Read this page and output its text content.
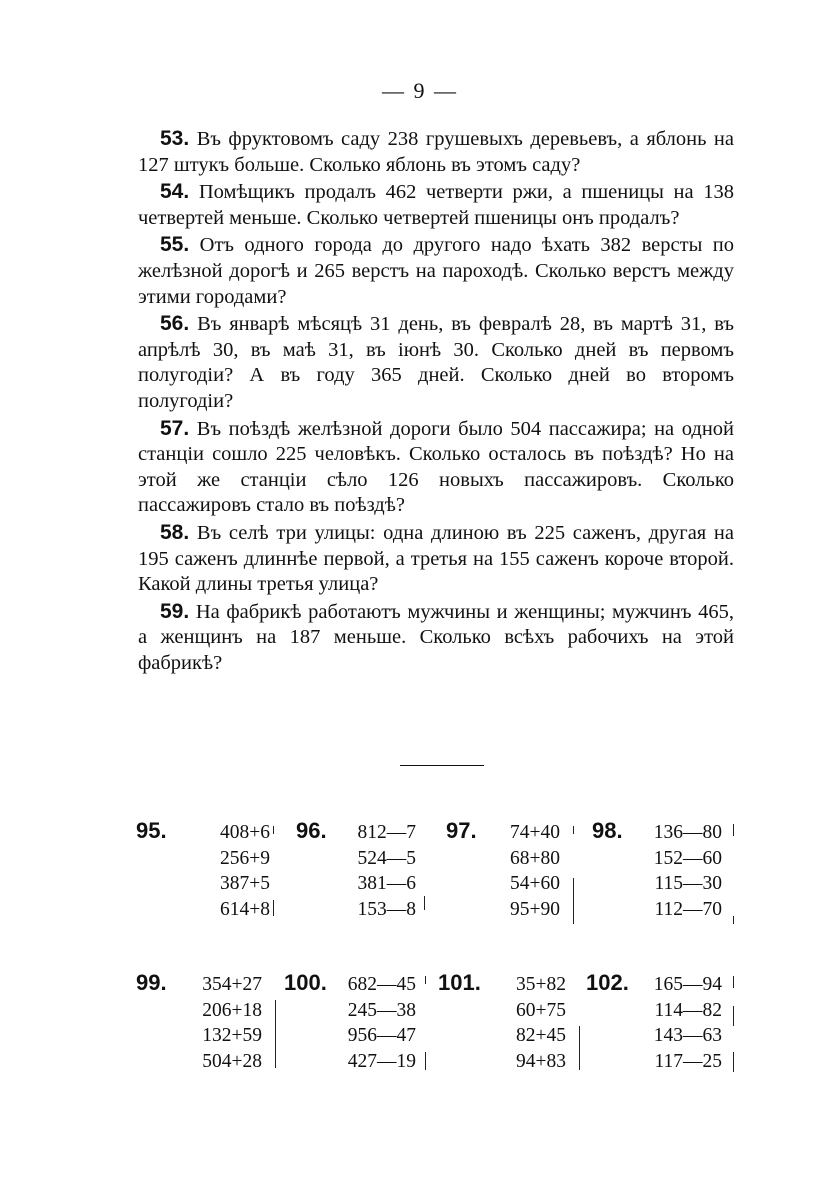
— 9 —

53. Въ фруктовомъ саду 238 грушевыхъ деревьевъ, а яблонь на 127 штукъ больше. Сколько яблонь въ этомъ саду?

54. Помѣщикъ продалъ 462 четверти ржи, а пшеницы на 138 четвертей меньше. Сколько четвертей пшеницы онъ продалъ?

55. Отъ одного города до другого надо ѣхать 382 версты по желѣзной дорогѣ и 265 верстъ на пароходѣ. Сколько верстъ между этими городами?

56. Въ январѣ мѣсяцѣ 31 день, въ февралѣ 28, въ мартѣ 31, въ апрѣлѣ 30, въ маѣ 31, въ іюнѣ 30. Сколько дней въ первомъ полугодіи? А въ году 365 дней. Сколько дней во второмъ полугодіи?

57. Въ поѣздѣ желѣзной дороги было 504 пассажира; на одной станціи сошло 225 человѣкъ. Сколько осталось въ поѣздѣ? Но на этой же станціи сѣло 126 новыхъ пассажировъ. Сколько пассажировъ стало въ поѣздѣ?

58. Въ селѣ три улицы: одна длиною въ 225 саженъ, другая на 195 саженъ длиннѣе первой, а третья на 155 саженъ короче второй. Какой длины третья улица?

59. На фабрикѣ работаютъ мужчины и женщины; мужчинъ 465, а женщинъ на 187 меньше. Сколько всѣхъ рабочихъ на этой фабрикѣ?

95.	408+6
256+9
387+5
614+8
96.	812—7
524—5
381—6
153—8
97.	74+40
68+80
54+60
95+90
98.	136—80
152—60
115—30
112—70
99.	354+27
206+18
132+59
504+28
100.	682—45
245—38
956—47
427—19
101.	35+82
60+75
82+45
94+83
102.	165—94
114—82
143—63
117—25
